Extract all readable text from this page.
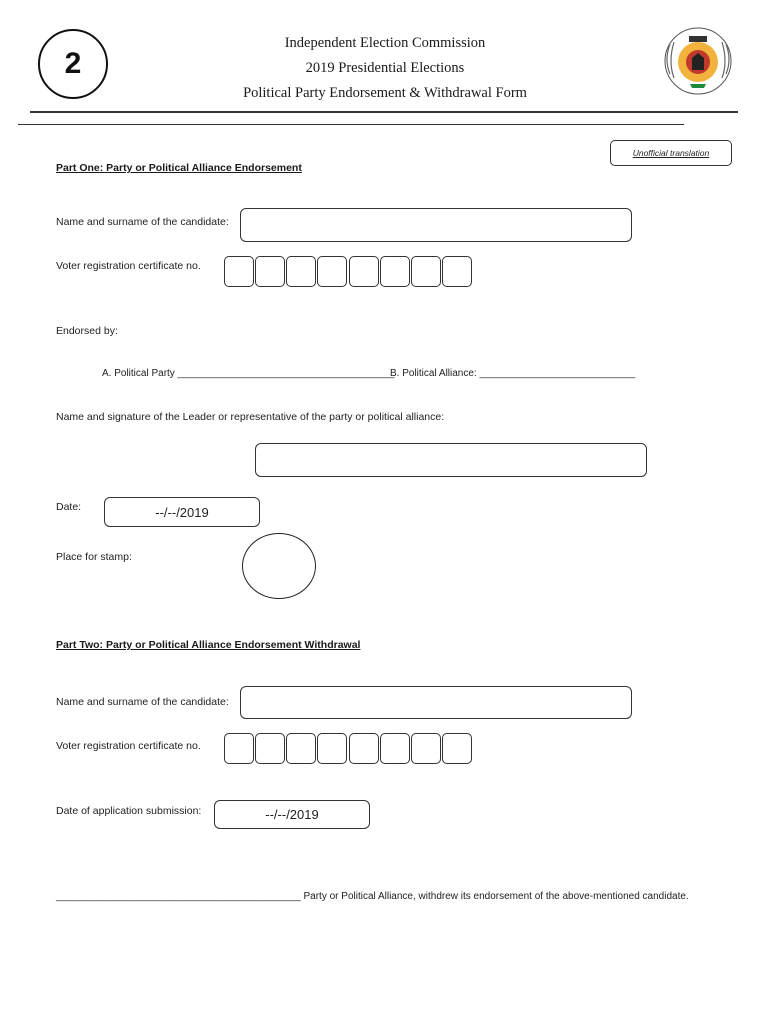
2
Independent Election Commission
2019 Presidential Elections
Political Party Endorsement & Withdrawal Form
Unofficial translation
Part One: Party or Political Alliance Endorsement
Name and surname of the candidate:
Voter registration certificate no.
Endorsed by:
A. Political Party _______________________________________
B. Political Alliance: ____________________________
Name and signature of the Leader or representative of the party or political alliance:
Date:	--/--/2019
Place for stamp:
Part Two: Party or Political Alliance Endorsement Withdrawal
Name and surname of the candidate:
Voter registration certificate no.
Date of application submission:	--/--/2019
____________________________________________ Party or Political Alliance, withdrew its endorsement of the above-mentioned candidate.
